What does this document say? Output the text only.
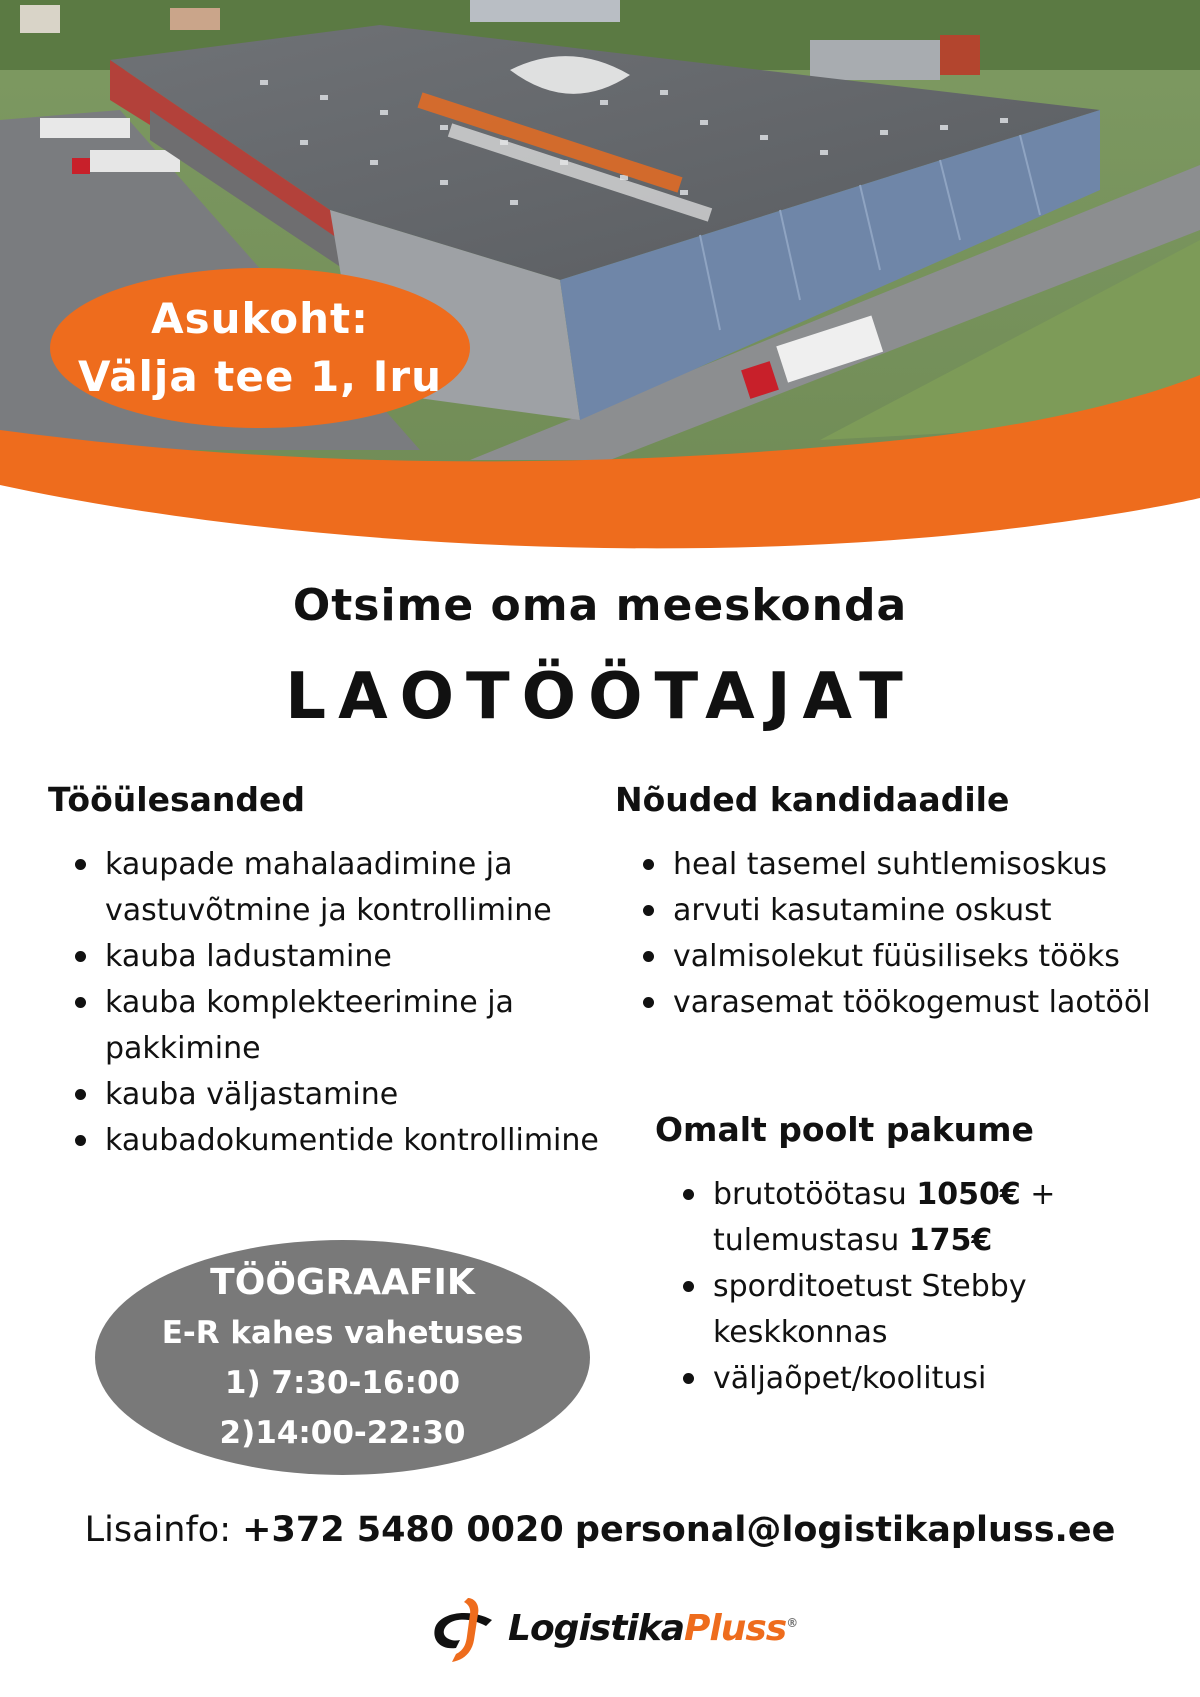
Asukoht:
Välja tee 1, Iru
Otsime oma meeskonda
LAOTÖÖTAJAT
Tööülesanded
kaupade mahalaadimine ja
vastuvõtmine ja kontrollimine
kauba ladustamine
kauba komplekteerimine ja
pakkimine
kauba väljastamine
kaubadokumentide kontrollimine
Nõuded kandidaadile
heal tasemel suhtlemisoskus
arvuti kasutamine oskust
valmisolekut füüsiliseks tööks
varasemat töökogemust laotööl
Omalt poolt pakume
brutotöötasu 1050€ +
tulemustasu 175€
sporditoetust Stebby
keskkonnas
väljaõpet/koolitusi
TÖÖGRAAFIK
E-R kahes vahetuses
1) 7:30-16:00
2)14:00-22:30
Lisainfo: +372 5480 0020 personal@logistikapluss.ee
LogistikaPluss®
